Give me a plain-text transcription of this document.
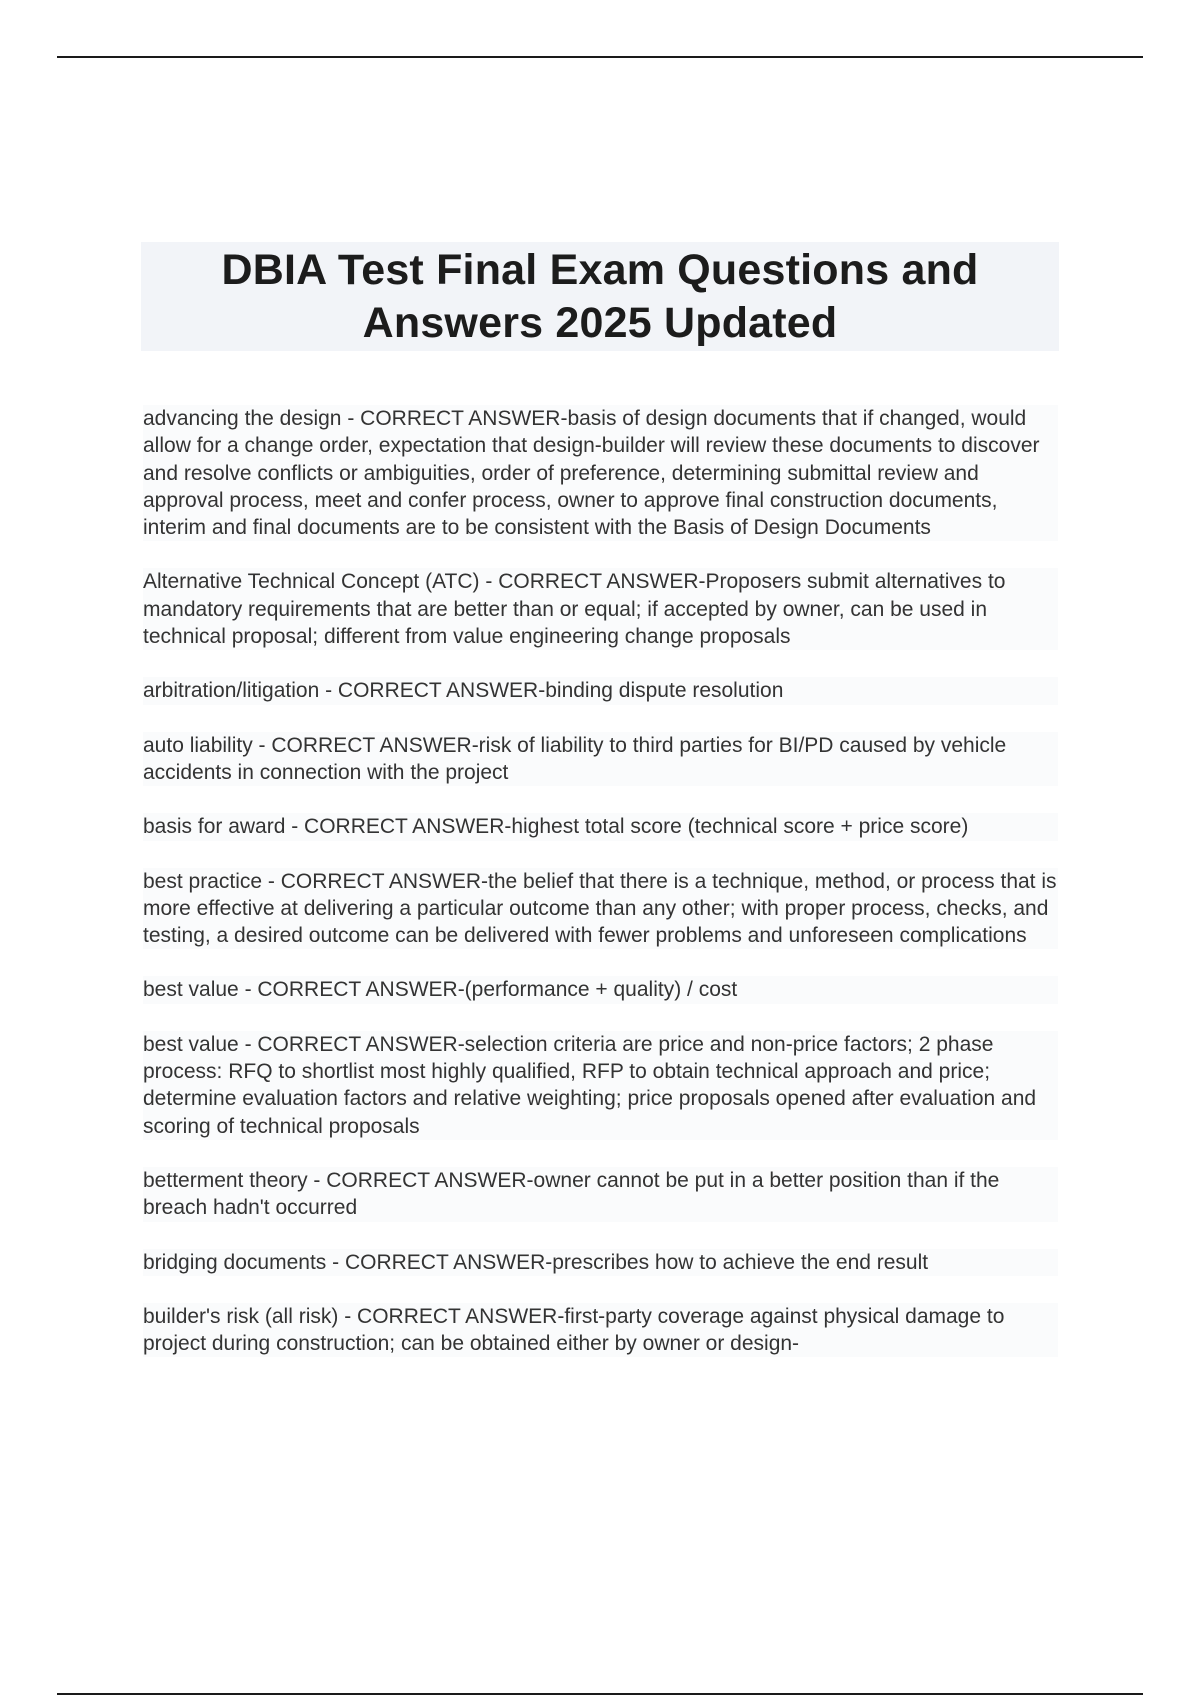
DBIA Test Final Exam Questions and
Answers 2025 Updated

advancing the design - CORRECT ANSWER-basis of design documents that if changed, would allow for a change order, expectation that design-builder will review these documents to discover and resolve conflicts or ambiguities, order of preference, determining submittal review and approval process, meet and confer process, owner to approve final construction documents, interim and final documents are to be consistent with the Basis of Design Documents

Alternative Technical Concept (ATC) - CORRECT ANSWER-Proposers submit alternatives to mandatory requirements that are better than or equal; if accepted by owner, can be used in technical proposal; different from value engineering change proposals

arbitration/litigation - CORRECT ANSWER-binding dispute resolution

auto liability - CORRECT ANSWER-risk of liability to third parties for BI/PD caused by vehicle accidents in connection with the project

basis for award - CORRECT ANSWER-highest total score (technical score + price score)

best practice - CORRECT ANSWER-the belief that there is a technique, method, or process that is more effective at delivering a particular outcome than any other; with proper process, checks, and testing, a desired outcome can be delivered with fewer problems and unforeseen complications

best value - CORRECT ANSWER-(performance + quality) / cost

best value - CORRECT ANSWER-selection criteria are price and non-price factors; 2 phase process: RFQ to shortlist most highly qualified, RFP to obtain technical approach and price; determine evaluation factors and relative weighting; price proposals opened after evaluation and scoring of technical proposals

betterment theory - CORRECT ANSWER-owner cannot be put in a better position than if the breach hadn't occurred

bridging documents - CORRECT ANSWER-prescribes how to achieve the end result

builder's risk (all risk) - CORRECT ANSWER-first-party coverage against physical damage to project during construction; can be obtained either by owner or design-
